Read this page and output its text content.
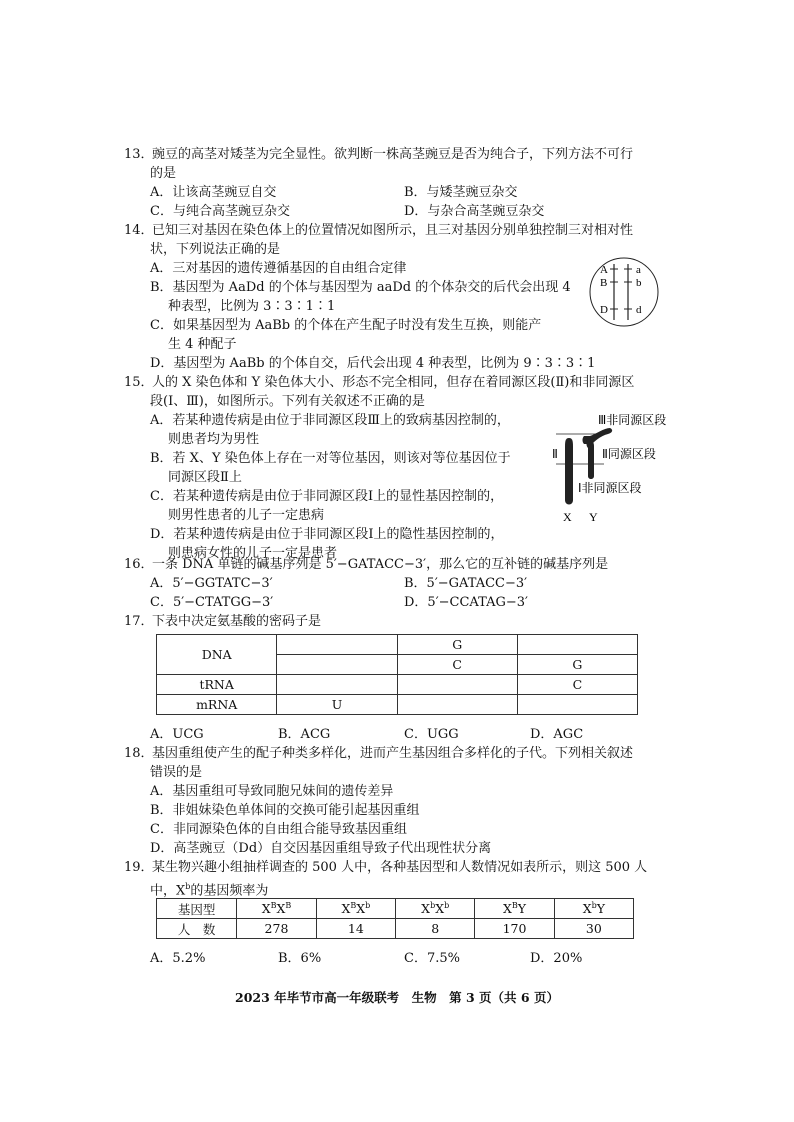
13．豌豆的高茎对矮茎为完全显性。欲判断一株高茎豌豆是否为纯合子，下列方法不可行
的是
A．让该高茎豌豆自交	B．与矮茎豌豆杂交
C．与纯合高茎豌豆杂交	D．与杂合高茎豌豆杂交
14．已知三对基因在染色体上的位置情况如图所示，且三对基因分别单独控制三对相对性
状，下列说法正确的是
A．三对基因的遗传遵循基因的自由组合定律
B．基因型为 AaDd 的个体与基因型为 aaDd 的个体杂交的后代会出现 4
种表型，比例为 3∶3∶1∶1
C．如果基因型为 AaBb 的个体在产生配子时没有发生互换，则能产
生 4 种配子
D．基因型为 AaBb 的个体自交，后代会出现 4 种表型，比例为 9∶3∶3∶1
A
B
D
a
b
d
15．人的 X 染色体和 Y 染色体大小、形态不完全相同，但存在着同源区段(Ⅱ)和非同源区
段(Ⅰ、Ⅲ)，如图所示。下列有关叙述不正确的是
A．若某种遗传病是由位于非同源区段Ⅲ上的致病基因控制的，
则患者均为男性
B．若 X、Y 染色体上存在一对等位基因，则该对等位基因位于
同源区段Ⅱ上
C．若某种遗传病是由位于非同源区段Ⅰ上的显性基因控制的，
则男性患者的儿子一定患病
D．若某种遗传病是由位于非同源区段Ⅰ上的隐性基因控制的，
则患病女性的儿子一定是患者
Ⅲ非同源区段
Ⅱ	Ⅱ同源区段
Ⅰ非同源区段
X Y
16．一条 DNA 单链的碱基序列是 5′−GATACC−3′，那么它的互补链的碱基序列是
A．5′−GGTATC−3′	B．5′−GATACC−3′
C．5′−CTATGG−3′	D．5′−CCATAG−3′
17．下表中决定氨基酸的密码子是
DNA		G	
		C	G
tRNA			C
mRNA	U		
A．UCG	B．ACG	C．UGG	D．AGC
18．基因重组使产生的配子种类多样化，进而产生基因组合多样化的子代。下列相关叙述
错误的是
A．基因重组可导致同胞兄妹间的遗传差异
B．非姐妹染色单体间的交换可能引起基因重组
C．非同源染色体的自由组合能导致基因重组
D．高茎豌豆（Dd）自交因基因重组导致子代出现性状分离
19．某生物兴趣小组抽样调查的 500 人中，各种基因型和人数情况如表所示，则这 500 人
中，$X^b$的基因频率为
基因型	$X^BX^B$	$X^BX^b$	$X^bX^b$	$X^BY$	$X^bY$
人　数	278	14	8	170	30
A．5.2%	B．6%	C．7.5%	D．20%
2023 年毕节市高一年级联考　生物　第 3 页（共 6 页）
